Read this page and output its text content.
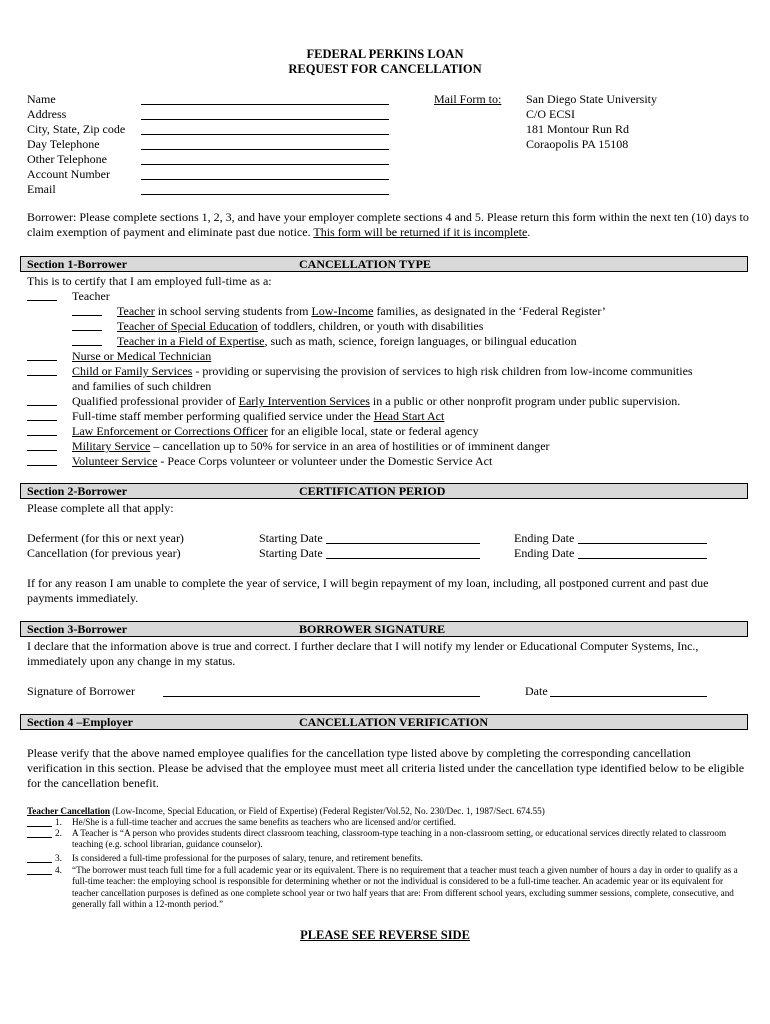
FEDERAL PERKINS LOAN
REQUEST FOR CANCELLATION
Name
Address
City, State, Zip code
Day Telephone
Other Telephone
Account Number
Email
Mail Form to: San Diego State University
C/O ECSI
181 Montour Run Rd
Coraopolis PA 15108
Borrower: Please complete sections 1, 2, 3, and have your employer complete sections 4 and 5. Please return this form within the next ten (10) days to claim exemption of payment and eliminate past due notice. This form will be returned if it is incomplete.
Section 1-Borrower	CANCELLATION TYPE
This is to certify that I am employed full-time as a:
Teacher
Teacher in school serving students from Low-Income families, as designated in the ‘Federal Register’
Teacher of Special Education of toddlers, children, or youth with disabilities
Teacher in a Field of Expertise, such as math, science, foreign languages, or bilingual education
Nurse or Medical Technician
Child or Family Services - providing or supervising the provision of services to high risk children from low-income communities
and families of such children
Qualified professional provider of Early Intervention Services in a public or other nonprofit program under public supervision.
Full-time staff member performing qualified service under the Head Start Act
Law Enforcement or Corrections Officer for an eligible local, state or federal agency
Military Service – cancellation up to 50% for service in an area of hostilities or of imminent danger
Volunteer Service - Peace Corps volunteer or volunteer under the Domestic Service Act
Section 2-Borrower	CERTIFICATION PERIOD
Please complete all that apply:
Deferment (for this or next year)	Starting Date	Ending Date
Cancellation (for previous year)	Starting Date	Ending Date
If for any reason I am unable to complete the year of service, I will begin repayment of my loan, including, all postponed current and past due payments immediately.
Section 3-Borrower	BORROWER SIGNATURE
I declare that the information above is true and correct. I further declare that I will notify my lender or Educational Computer Systems, Inc., immediately upon any change in my status.
Signature of Borrower	Date
Section 4 –Employer	CANCELLATION VERIFICATION
Please verify that the above named employee qualifies for the cancellation type listed above by completing the corresponding cancellation verification in this section. Please be advised that the employee must meet all criteria listed under the cancellation type identified below to be eligible for the cancellation benefit.
Teacher Cancellation (Low-Income, Special Education, or Field of Expertise) (Federal Register/Vol.52, No. 230/Dec. 1, 1987/Sect. 674.55)
1. He/She is a full-time teacher and accrues the same benefits as teachers who are licensed and/or certified.
2. A Teacher is “A person who provides students direct classroom teaching, classroom-type teaching in a non-classroom setting, or educational services directly related to classroom teaching (e.g. school librarian, guidance counselor).
3. Is considered a full-time professional for the purposes of salary, tenure, and retirement benefits.
4. “The borrower must teach full time for a full academic year or its equivalent. There is no requirement that a teacher must teach a given number of hours a day in order to qualify as a full-time teacher: the employing school is responsible for determining whether or not the individual is considered to be a full-time teacher. An academic year or its equivalent for teacher cancellation purposes is defined as one complete school year or two half years that are: From different school years, excluding summer sessions, complete, consecutive, and generally fall within a 12-month period.”
PLEASE SEE REVERSE SIDE
